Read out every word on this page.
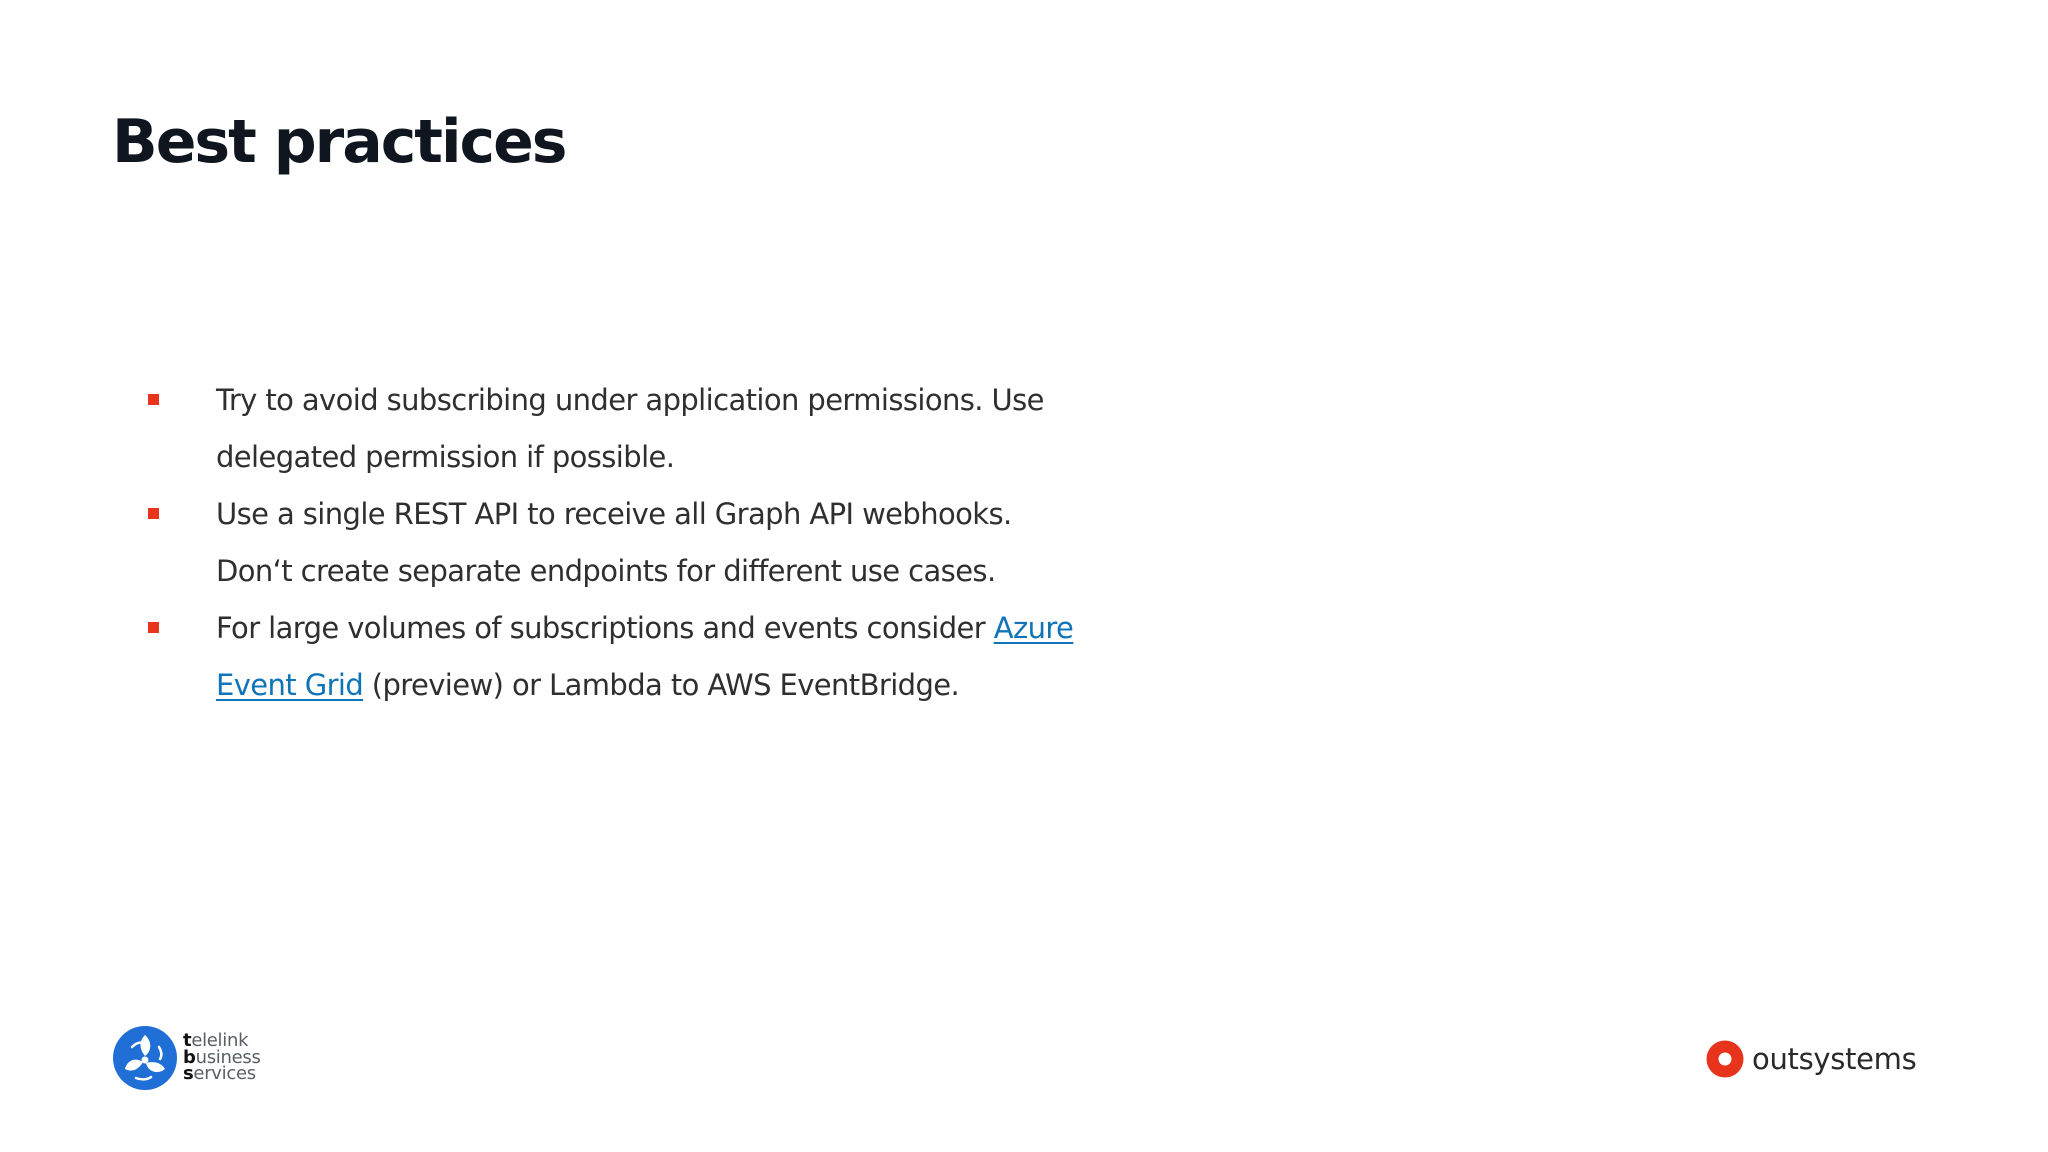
Best practices
Try to avoid subscribing under application permissions. Use delegated permission if possible.
Use a single REST API to receive all Graph API webhooks. Don‘t create separate endpoints for different use cases.
For large volumes of subscriptions and events consider Azure Event Grid (preview) or Lambda to AWS EventBridge.
telelink
business
services	outsystems
